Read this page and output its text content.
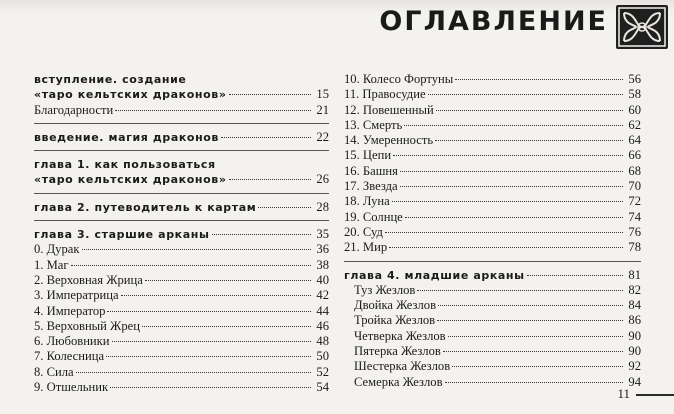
ОГЛАВЛЕНИЕ
вступление. создание
«таро кельтских драконов»	15
Благодарности	21
введение. магия драконов	22
глава 1. как пользоваться
«таро кельтских драконов»	26
глава 2. путеводитель к картам	28
глава 3. старшие арканы	35
0. Дурак	36
1. Маг	38
2. Верховная Жрица	40
3. Императрица	42
4. Император	44
5. Верховный Жрец	46
6. Любовники	48
7. Колесница	50
8. Сила	52
9. Отшельник	54
10. Колесо Фортуны	56
11. Правосудие	58
12. Повешенный	60
13. Смерть	62
14. Умеренность	64
15. Цепи	66
16. Башня	68
17. Звезда	70
18. Луна	72
19. Солнце	74
20. Суд	76
21. Мир	78
глава 4. младшие арканы	81
Туз Жезлов	82
Двойка Жезлов	84
Тройка Жезлов	86
Четверка Жезлов	90
Пятерка Жезлов	90
Шестерка Жезлов	92
Семерка Жезлов	94
11
